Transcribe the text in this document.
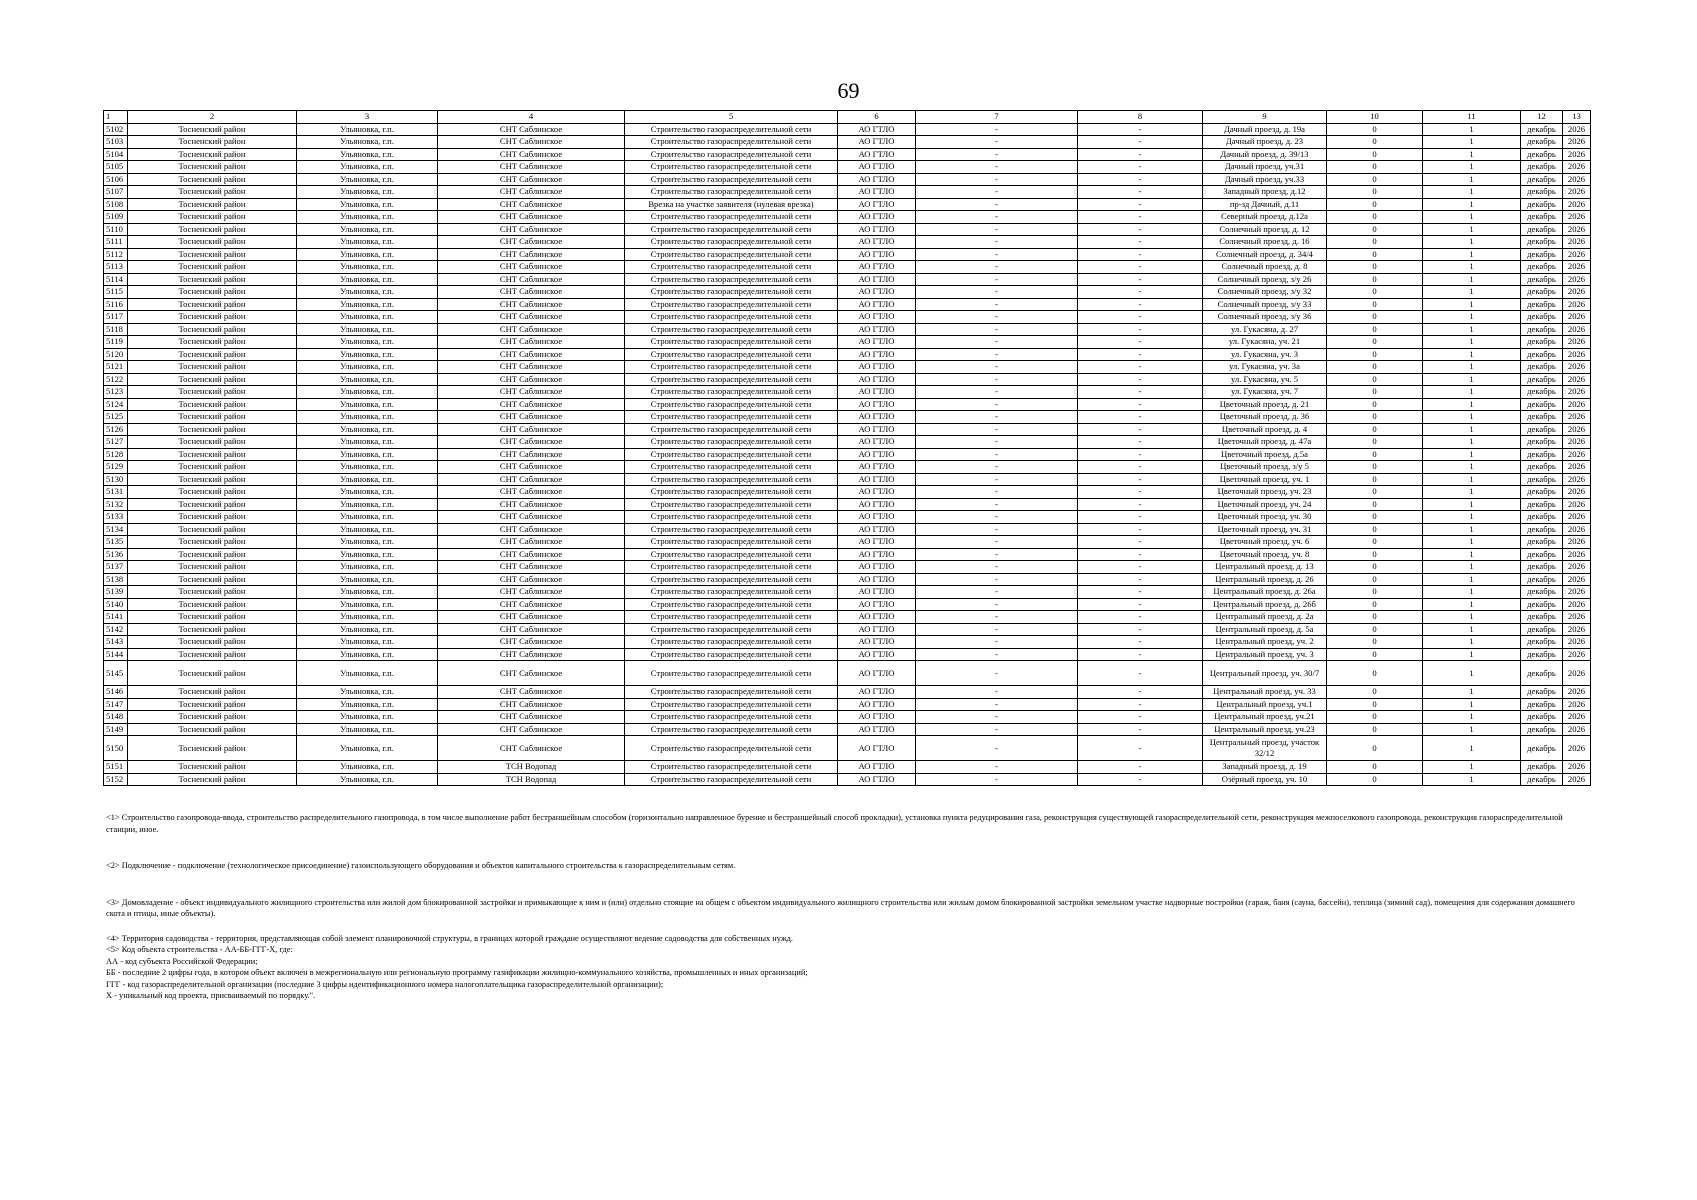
69
1	2	3	4	5	6	7	8	9	10	11	12	13
5102	Тосненский район	Ульяновка, г.п.	СНТ Саблинское	Строительство газораспределительной сети	АО ГТЛО	-	-	Дачный проезд, д. 19а	0	1	декабрь	2026
5103	Тосненский район	Ульяновка, г.п.	СНТ Саблинское	Строительство газораспределительной сети	АО ГТЛО	-	-	Дачный проезд, д. 23	0	1	декабрь	2026
5104	Тосненский район	Ульяновка, г.п.	СНТ Саблинское	Строительство газораспределительной сети	АО ГТЛО	-	-	Дачный проезд, д. 39/13	0	1	декабрь	2026
5105	Тосненский район	Ульяновка, г.п.	СНТ Саблинское	Строительство газораспределительной сети	АО ГТЛО	-	-	Дачный проезд, уч.31	0	1	декабрь	2026
5106	Тосненский район	Ульяновка, г.п.	СНТ Саблинское	Строительство газораспределительной сети	АО ГТЛО	-	-	Дачный проезд, уч.33	0	1	декабрь	2026
5107	Тосненский район	Ульяновка, г.п.	СНТ Саблинское	Строительство газораспределительной сети	АО ГТЛО	-	-	Западный проезд, д.12	0	1	декабрь	2026
5108	Тосненский район	Ульяновка, г.п.	СНТ Саблинское	Врезка на участке заявителя (нулевая врезка)	АО ГТЛО	-	-	пр-зд Дачный, д.11	0	1	декабрь	2026
5109	Тосненский район	Ульяновка, г.п.	СНТ Саблинское	Строительство газораспределительной сети	АО ГТЛО	-	-	Северный проезд, д.12а	0	1	декабрь	2026
5110	Тосненский район	Ульяновка, г.п.	СНТ Саблинское	Строительство газораспределительной сети	АО ГТЛО	-	-	Солнечный проезд, д. 12	0	1	декабрь	2026
5111	Тосненский район	Ульяновка, г.п.	СНТ Саблинское	Строительство газораспределительной сети	АО ГТЛО	-	-	Солнечный проезд, д. 16	0	1	декабрь	2026
5112	Тосненский район	Ульяновка, г.п.	СНТ Саблинское	Строительство газораспределительной сети	АО ГТЛО	-	-	Солнечный проезд, д. 34/4	0	1	декабрь	2026
5113	Тосненский район	Ульяновка, г.п.	СНТ Саблинское	Строительство газораспределительной сети	АО ГТЛО	-	-	Солнечный проезд, д. 8	0	1	декабрь	2026
5114	Тосненский район	Ульяновка, г.п.	СНТ Саблинское	Строительство газораспределительной сети	АО ГТЛО	-	-	Солнечный проезд, з/у 26	0	1	декабрь	2026
5115	Тосненский район	Ульяновка, г.п.	СНТ Саблинское	Строительство газораспределительной сети	АО ГТЛО	-	-	Солнечный проезд, з/у 32	0	1	декабрь	2026
5116	Тосненский район	Ульяновка, г.п.	СНТ Саблинское	Строительство газораспределительной сети	АО ГТЛО	-	-	Солнечный проезд, з/у 33	0	1	декабрь	2026
5117	Тосненский район	Ульяновка, г.п.	СНТ Саблинское	Строительство газораспределительной сети	АО ГТЛО	-	-	Солнечный проезд, з/у 36	0	1	декабрь	2026
5118	Тосненский район	Ульяновка, г.п.	СНТ Саблинское	Строительство газораспределительной сети	АО ГТЛО	-	-	ул. Гукасяна, д. 27	0	1	декабрь	2026
5119	Тосненский район	Ульяновка, г.п.	СНТ Саблинское	Строительство газораспределительной сети	АО ГТЛО	-	-	ул. Гукасяна, уч. 21	0	1	декабрь	2026
5120	Тосненский район	Ульяновка, г.п.	СНТ Саблинское	Строительство газораспределительной сети	АО ГТЛО	-	-	ул. Гукасяна, уч. 3	0	1	декабрь	2026
5121	Тосненский район	Ульяновка, г.п.	СНТ Саблинское	Строительство газораспределительной сети	АО ГТЛО	-	-	ул. Гукасяна, уч. 3а	0	1	декабрь	2026
5122	Тосненский район	Ульяновка, г.п.	СНТ Саблинское	Строительство газораспределительной сети	АО ГТЛО	-	-	ул. Гукасяна, уч. 5	0	1	декабрь	2026
5123	Тосненский район	Ульяновка, г.п.	СНТ Саблинское	Строительство газораспределительной сети	АО ГТЛО	-	-	ул. Гукасяна, уч. 7	0	1	декабрь	2026
5124	Тосненский район	Ульяновка, г.п.	СНТ Саблинское	Строительство газораспределительной сети	АО ГТЛО	-	-	Цветочный проезд, д. 21	0	1	декабрь	2026
5125	Тосненский район	Ульяновка, г.п.	СНТ Саблинское	Строительство газораспределительной сети	АО ГТЛО	-	-	Цветочный проезд, д. 36	0	1	декабрь	2026
5126	Тосненский район	Ульяновка, г.п.	СНТ Саблинское	Строительство газораспределительной сети	АО ГТЛО	-	-	Цветочный проезд, д. 4	0	1	декабрь	2026
5127	Тосненский район	Ульяновка, г.п.	СНТ Саблинское	Строительство газораспределительной сети	АО ГТЛО	-	-	Цветочный проезд, д. 47а	0	1	декабрь	2026
5128	Тосненский район	Ульяновка, г.п.	СНТ Саблинское	Строительство газораспределительной сети	АО ГТЛО	-	-	Цветочный проезд, д.5а	0	1	декабрь	2026
5129	Тосненский район	Ульяновка, г.п.	СНТ Саблинское	Строительство газораспределительной сети	АО ГТЛО	-	-	Цветочный проезд, з/у 5	0	1	декабрь	2026
5130	Тосненский район	Ульяновка, г.п.	СНТ Саблинское	Строительство газораспределительной сети	АО ГТЛО	-	-	Цветочный проезд, уч. 1	0	1	декабрь	2026
5131	Тосненский район	Ульяновка, г.п.	СНТ Саблинское	Строительство газораспределительной сети	АО ГТЛО	-	-	Цветочный проезд, уч. 23	0	1	декабрь	2026
5132	Тосненский район	Ульяновка, г.п.	СНТ Саблинское	Строительство газораспределительной сети	АО ГТЛО	-	-	Цветочный проезд, уч. 24	0	1	декабрь	2026
5133	Тосненский район	Ульяновка, г.п.	СНТ Саблинское	Строительство газораспределительной сети	АО ГТЛО	-	-	Цветочный проезд, уч. 30	0	1	декабрь	2026
5134	Тосненский район	Ульяновка, г.п.	СНТ Саблинское	Строительство газораспределительной сети	АО ГТЛО	-	-	Цветочный проезд, уч. 31	0	1	декабрь	2026
5135	Тосненский район	Ульяновка, г.п.	СНТ Саблинское	Строительство газораспределительной сети	АО ГТЛО	-	-	Цветочный проезд, уч. 6	0	1	декабрь	2026
5136	Тосненский район	Ульяновка, г.п.	СНТ Саблинское	Строительство газораспределительной сети	АО ГТЛО	-	-	Цветочный проезд, уч. 8	0	1	декабрь	2026
5137	Тосненский район	Ульяновка, г.п.	СНТ Саблинское	Строительство газораспределительной сети	АО ГТЛО	-	-	Центральный проезд, д. 13	0	1	декабрь	2026
5138	Тосненский район	Ульяновка, г.п.	СНТ Саблинское	Строительство газораспределительной сети	АО ГТЛО	-	-	Центральный проезд, д. 26	0	1	декабрь	2026
5139	Тосненский район	Ульяновка, г.п.	СНТ Саблинское	Строительство газораспределительной сети	АО ГТЛО	-	-	Центральный проезд, д. 26а	0	1	декабрь	2026
5140	Тосненский район	Ульяновка, г.п.	СНТ Саблинское	Строительство газораспределительной сети	АО ГТЛО	-	-	Центральный проезд, д. 26б	0	1	декабрь	2026
5141	Тосненский район	Ульяновка, г.п.	СНТ Саблинское	Строительство газораспределительной сети	АО ГТЛО	-	-	Центральный проезд, д. 2а	0	1	декабрь	2026
5142	Тосненский район	Ульяновка, г.п.	СНТ Саблинское	Строительство газораспределительной сети	АО ГТЛО	-	-	Центральный проезд, д. 5а	0	1	декабрь	2026
5143	Тосненский район	Ульяновка, г.п.	СНТ Саблинское	Строительство газораспределительной сети	АО ГТЛО	-	-	Центральный проезд, уч. 2	0	1	декабрь	2026
5144	Тосненский район	Ульяновка, г.п.	СНТ Саблинское	Строительство газораспределительной сети	АО ГТЛО	-	-	Центральный проезд, уч. 3	0	1	декабрь	2026
5145	Тосненский район	Ульяновка, г.п.	СНТ Саблинское	Строительство газораспределительной сети	АО ГТЛО	-	-	Центральный проезд, уч. 30/7	0	1	декабрь	2026
5146	Тосненский район	Ульяновка, г.п.	СНТ Саблинское	Строительство газораспределительной сети	АО ГТЛО	-	-	Центральный проезд, уч. 33	0	1	декабрь	2026
5147	Тосненский район	Ульяновка, г.п.	СНТ Саблинское	Строительство газораспределительной сети	АО ГТЛО	-	-	Центральный проезд, уч.1	0	1	декабрь	2026
5148	Тосненский район	Ульяновка, г.п.	СНТ Саблинское	Строительство газораспределительной сети	АО ГТЛО	-	-	Центральный проезд, уч.21	0	1	декабрь	2026
5149	Тосненский район	Ульяновка, г.п.	СНТ Саблинское	Строительство газораспределительной сети	АО ГТЛО	-	-	Центральный проезд, уч.23	0	1	декабрь	2026
5150	Тосненский район	Ульяновка, г.п.	СНТ Саблинское	Строительство газораспределительной сети	АО ГТЛО	-	-	Центральный проезд, участок 32/12	0	1	декабрь	2026
5151	Тосненский район	Ульяновка, г.п.	ТСН Водопад	Строительство газораспределительной сети	АО ГТЛО	-	-	Западный проезд, д. 19	0	1	декабрь	2026
5152	Тосненский район	Ульяновка, г.п.	ТСН Водопад	Строительство газораспределительной сети	АО ГТЛО	-	-	Озёрный проезд, уч. 10	0	1	декабрь	2026

<1> Строительство газопровода-ввода, строительство распределительного газопровода, в том числе выполнение работ бестраншейным способом (горизонтально направленное бурение и бестраншейный способ прокладки), установка пункта редуцирования газа, реконструкция существующей газораспределительной сети, реконструкция межпоселкового газопровода, реконструкция газораспределительной станции, иное.

<2> Подключение - подключение (технологическое присоединение) газоиспользующего оборудования и объектов капитального строительства к газораспределительным сетям.

<3> Домовладение - объект индивидуального жилищного строительства или жилой дом блокированной застройки и примыкающие к ним и (или) отдельно стоящие на общем с объектом индивидуального жилищного строительства или жилым домом блокированной застройки земельном участке надворные постройки (гараж, баня (сауна, бассейн), теплица (зимний сад), помещения для содержания домашнего скота и птицы, иные объекты).

<4> Территория садоводства - территория, представляющая собой элемент планировочной структуры, в границах которой граждане осуществляют ведение садоводства для собственных нужд.

<5> Код объекта строительства - АА-ББ-ГГГ-Х, где:

АА - код субъекта Российской Федерации;

ББ - последние 2 цифры года, в котором объект включен в межрегиональную или региональную программу газификации жилищно-коммунального хозяйства, промышленных и иных организаций;

ГГГ - код газораспределительной организации (последние 3 цифры идентификационного номера налогоплательщика газораспределительной организации);

Х - уникальный код проекта, присваиваемый по порядку.".
